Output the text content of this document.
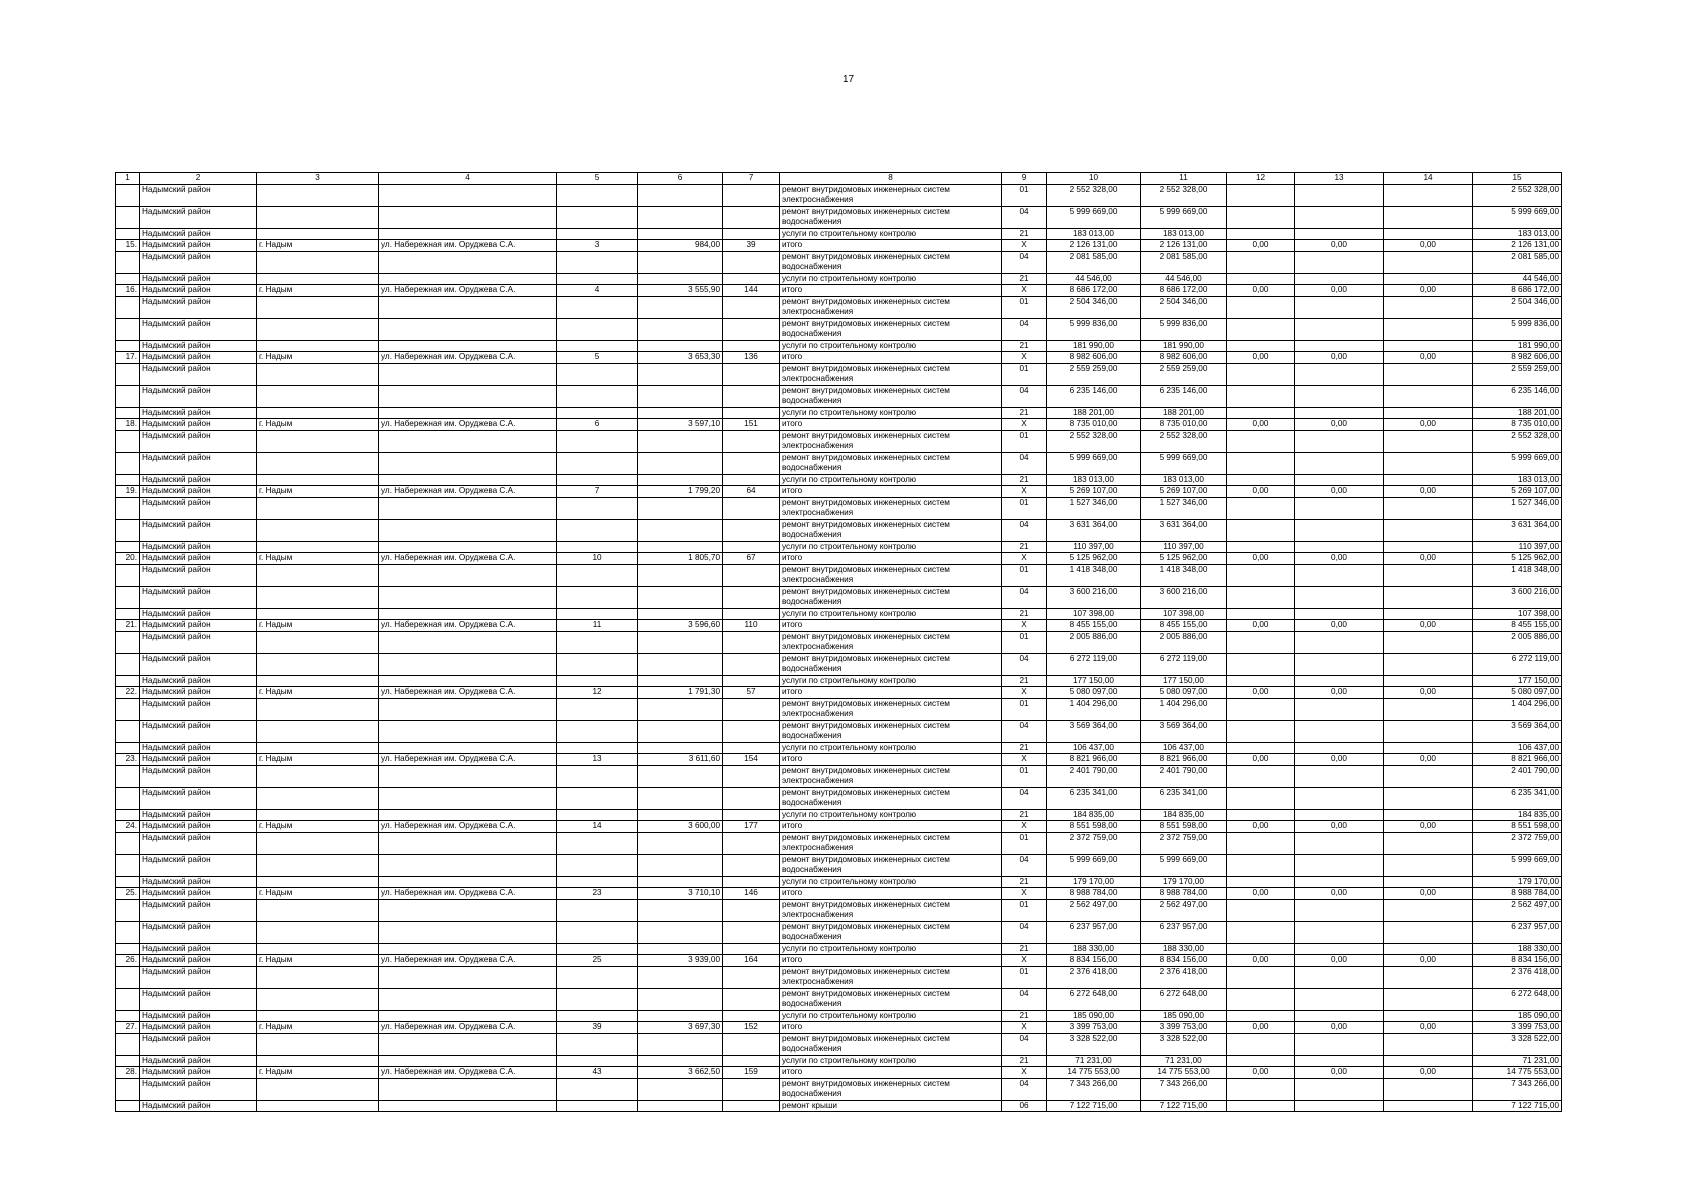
17
1	2	3	4	5	6	7	8	9	10	11	12	13	14	15
	Надымский район						ремонт внутридомовых инженерных систем электроснабжения	01	2 552 328,00	2 552 328,00				2 552 328,00
	Надымский район						ремонт внутридомовых инженерных систем водоснабжения	04	5 999 669,00	5 999 669,00				5 999 669,00
	Надымский район						услуги по строительному контролю	21	183 013,00	183 013,00				183 013,00
15.	Надымский район	г. Надым	ул. Набережная им. Оруджева С.А.	3	984,00	39	итого	X	2 126 131,00	2 126 131,00	0,00	0,00	0,00	2 126 131,00
	Надымский район						ремонт внутридомовых инженерных систем водоснабжения	04	2 081 585,00	2 081 585,00				2 081 585,00
	Надымский район						услуги по строительному контролю	21	44 546,00	44 546,00				44 546,00
16.	Надымский район	г. Надым	ул. Набережная им. Оруджева С.А.	4	3 555,90	144	итого	X	8 686 172,00	8 686 172,00	0,00	0,00	0,00	8 686 172,00
	Надымский район						ремонт внутридомовых инженерных систем электроснабжения	01	2 504 346,00	2 504 346,00				2 504 346,00
	Надымский район						ремонт внутридомовых инженерных систем водоснабжения	04	5 999 836,00	5 999 836,00				5 999 836,00
	Надымский район						услуги по строительному контролю	21	181 990,00	181 990,00				181 990,00
17.	Надымский район	г. Надым	ул. Набережная им. Оруджева С.А.	5	3 653,30	136	итого	X	8 982 606,00	8 982 606,00	0,00	0,00	0,00	8 982 606,00
	Надымский район						ремонт внутридомовых инженерных систем электроснабжения	01	2 559 259,00	2 559 259,00				2 559 259,00
	Надымский район						ремонт внутридомовых инженерных систем водоснабжения	04	6 235 146,00	6 235 146,00				6 235 146,00
	Надымский район						услуги по строительному контролю	21	188 201,00	188 201,00				188 201,00
18.	Надымский район	г. Надым	ул. Набережная им. Оруджева С.А.	6	3 597,10	151	итого	X	8 735 010,00	8 735 010,00	0,00	0,00	0,00	8 735 010,00
	Надымский район						ремонт внутридомовых инженерных систем электроснабжения	01	2 552 328,00	2 552 328,00				2 552 328,00
	Надымский район						ремонт внутридомовых инженерных систем водоснабжения	04	5 999 669,00	5 999 669,00				5 999 669,00
	Надымский район						услуги по строительному контролю	21	183 013,00	183 013,00				183 013,00
19.	Надымский район	г. Надым	ул. Набережная им. Оруджева С.А.	7	1 799,20	64	итого	X	5 269 107,00	5 269 107,00	0,00	0,00	0,00	5 269 107,00
	Надымский район						ремонт внутридомовых инженерных систем электроснабжения	01	1 527 346,00	1 527 346,00				1 527 346,00
	Надымский район						ремонт внутридомовых инженерных систем водоснабжения	04	3 631 364,00	3 631 364,00				3 631 364,00
	Надымский район						услуги по строительному контролю	21	110 397,00	110 397,00				110 397,00
20.	Надымский район	г. Надым	ул. Набережная им. Оруджева С.А.	10	1 805,70	67	итого	X	5 125 962,00	5 125 962,00	0,00	0,00	0,00	5 125 962,00
	Надымский район						ремонт внутридомовых инженерных систем электроснабжения	01	1 418 348,00	1 418 348,00				1 418 348,00
	Надымский район						ремонт внутридомовых инженерных систем водоснабжения	04	3 600 216,00	3 600 216,00				3 600 216,00
	Надымский район						услуги по строительному контролю	21	107 398,00	107 398,00				107 398,00
21.	Надымский район	г. Надым	ул. Набережная им. Оруджева С.А.	11	3 596,60	110	итого	X	8 455 155,00	8 455 155,00	0,00	0,00	0,00	8 455 155,00
	Надымский район						ремонт внутридомовых инженерных систем электроснабжения	01	2 005 886,00	2 005 886,00				2 005 886,00
	Надымский район						ремонт внутридомовых инженерных систем водоснабжения	04	6 272 119,00	6 272 119,00				6 272 119,00
	Надымский район						услуги по строительному контролю	21	177 150,00	177 150,00				177 150,00
22.	Надымский район	г. Надым	ул. Набережная им. Оруджева С.А.	12	1 791,30	57	итого	X	5 080 097,00	5 080 097,00	0,00	0,00	0,00	5 080 097,00
	Надымский район						ремонт внутридомовых инженерных систем электроснабжения	01	1 404 296,00	1 404 296,00				1 404 296,00
	Надымский район						ремонт внутридомовых инженерных систем водоснабжения	04	3 569 364,00	3 569 364,00				3 569 364,00
	Надымский район						услуги по строительному контролю	21	106 437,00	106 437,00				106 437,00
23.	Надымский район	г. Надым	ул. Набережная им. Оруджева С.А.	13	3 611,60	154	итого	X	8 821 966,00	8 821 966,00	0,00	0,00	0,00	8 821 966,00
	Надымский район						ремонт внутридомовых инженерных систем электроснабжения	01	2 401 790,00	2 401 790,00				2 401 790,00
	Надымский район						ремонт внутридомовых инженерных систем водоснабжения	04	6 235 341,00	6 235 341,00				6 235 341,00
	Надымский район						услуги по строительному контролю	21	184 835,00	184 835,00				184 835,00
24.	Надымский район	г. Надым	ул. Набережная им. Оруджева С.А.	14	3 600,00	177	итого	X	8 551 598,00	8 551 598,00	0,00	0,00	0,00	8 551 598,00
	Надымский район						ремонт внутридомовых инженерных систем электроснабжения	01	2 372 759,00	2 372 759,00				2 372 759,00
	Надымский район						ремонт внутридомовых инженерных систем водоснабжения	04	5 999 669,00	5 999 669,00				5 999 669,00
	Надымский район						услуги по строительному контролю	21	179 170,00	179 170,00				179 170,00
25.	Надымский район	г. Надым	ул. Набережная им. Оруджева С.А.	23	3 710,10	146	итого	X	8 988 784,00	8 988 784,00	0,00	0,00	0,00	8 988 784,00
	Надымский район						ремонт внутридомовых инженерных систем электроснабжения	01	2 562 497,00	2 562 497,00				2 562 497,00
	Надымский район						ремонт внутридомовых инженерных систем водоснабжения	04	6 237 957,00	6 237 957,00				6 237 957,00
	Надымский район						услуги по строительному контролю	21	188 330,00	188 330,00				188 330,00
26.	Надымский район	г. Надым	ул. Набережная им. Оруджева С.А.	25	3 939,00	164	итого	X	8 834 156,00	8 834 156,00	0,00	0,00	0,00	8 834 156,00
	Надымский район						ремонт внутридомовых инженерных систем электроснабжения	01	2 376 418,00	2 376 418,00				2 376 418,00
	Надымский район						ремонт внутридомовых инженерных систем водоснабжения	04	6 272 648,00	6 272 648,00				6 272 648,00
	Надымский район						услуги по строительному контролю	21	185 090,00	185 090,00				185 090,00
27.	Надымский район	г. Надым	ул. Набережная им. Оруджева С.А.	39	3 697,30	152	итого	X	3 399 753,00	3 399 753,00	0,00	0,00	0,00	3 399 753,00
	Надымский район						ремонт внутридомовых инженерных систем водоснабжения	04	3 328 522,00	3 328 522,00				3 328 522,00
	Надымский район						услуги по строительному контролю	21	71 231,00	71 231,00				71 231,00
28.	Надымский район	г. Надым	ул. Набережная им. Оруджева С.А.	43	3 662,50	159	итого	X	14 775 553,00	14 775 553,00	0,00	0,00	0,00	14 775 553,00
	Надымский район						ремонт внутридомовых инженерных систем водоснабжения	04	7 343 266,00	7 343 266,00				7 343 266,00
	Надымский район						ремонт крыши	06	7 122 715,00	7 122 715,00				7 122 715,00
